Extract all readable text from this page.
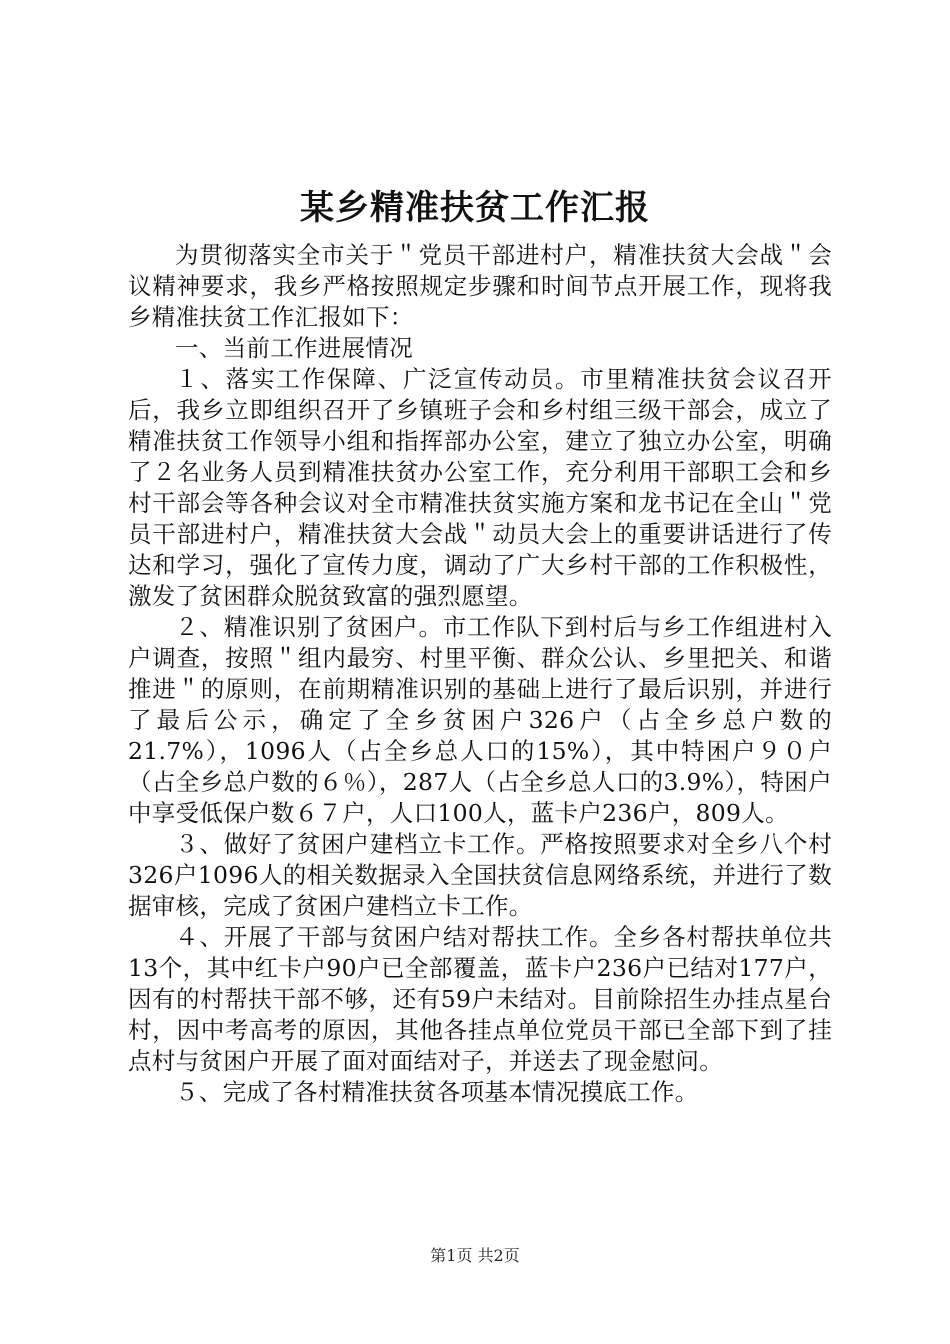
某乡精准扶贫工作汇报

为贯彻落实全市关于＂党员干部进村户，精准扶贫大会战＂会议精神要求，我乡严格按照规定步骤和时间节点开展工作，现将我乡精准扶贫工作汇报如下：

一、当前工作进展情况

１、落实工作保障、广泛宣传动员。市里精准扶贫会议召开后，我乡立即组织召开了乡镇班子会和乡村组三级干部会，成立了精准扶贫工作领导小组和指挥部办公室，建立了独立办公室，明确了２名业务人员到精准扶贫办公室工作，充分利用干部职工会和乡村干部会等各种会议对全市精准扶贫实施方案和龙书记在全山＂党员干部进村户，精准扶贫大会战＂动员大会上的重要讲话进行了传达和学习，强化了宣传力度，调动了广大乡村干部的工作积极性，激发了贫困群众脱贫致富的强烈愿望。

２、精准识别了贫困户。市工作队下到村后与乡工作组进村入户调查，按照＂组内最穷、村里平衡、群众公认、乡里把关、和谐推进＂的原则，在前期精准识别的基础上进行了最后识别，并进行了最后公示，确定了全乡贫困户326户（占全乡总户数的21.7%），1096人（占全乡总人口的15%），其中特困户９０户（占全乡总户数的６％），287人（占全乡总人口的3.9%），特困户中享受低保户数６７户，人口100人，蓝卡户236户，809人。

３、做好了贫困户建档立卡工作。严格按照要求对全乡八个村326户1096人的相关数据录入全国扶贫信息网络系统，并进行了数据审核，完成了贫困户建档立卡工作。

４、开展了干部与贫困户结对帮扶工作。全乡各村帮扶单位共13个，其中红卡户90户已全部覆盖，蓝卡户236户已结对177户，因有的村帮扶干部不够，还有59户未结对。目前除招生办挂点星台村，因中考高考的原因，其他各挂点单位党员干部已全部下到了挂点村与贫困户开展了面对面结对子，并送去了现金慰问。

５、完成了各村精准扶贫各项基本情况摸底工作。

第1页 共2页
